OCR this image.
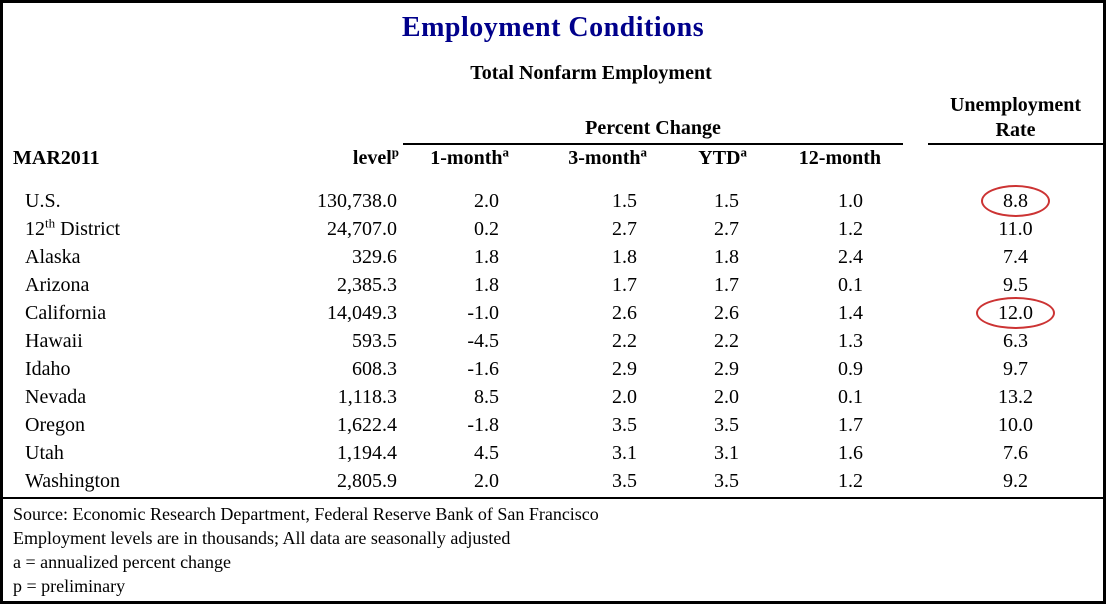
Employment Conditions
Total Nonfarm Employment
		Percent Change					Unemployment
Rate

MAR2011	level$^p$	1-month$^a$	3-month$^a$	YTD$^a$	12-month		
U.S.	130,738.0	2.0	1.5	1.5	1.0		8.8
12th District	24,707.0	0.2	2.7	2.7	1.2		11.0
Alaska	329.6	1.8	1.8	1.8	2.4		7.4
Arizona	2,385.3	1.8	1.7	1.7	0.1		9.5
California	14,049.3	-1.0	2.6	2.6	1.4		12.0
Hawaii	593.5	-4.5	2.2	2.2	1.3		6.3
Idaho	608.3	-1.6	2.9	2.9	0.9		9.7
Nevada	1,118.3	8.5	2.0	2.0	0.1		13.2
Oregon	1,622.4	-1.8	3.5	3.5	1.7		10.0
Utah	1,194.4	4.5	3.1	3.1	1.6		7.6
Washington	2,805.9	2.0	3.5	3.5	1.2		9.2
Source: Economic Research Department, Federal Reserve Bank of San Francisco
Employment levels are in thousands; All data are seasonally adjusted
a = annualized percent change
p = preliminary
